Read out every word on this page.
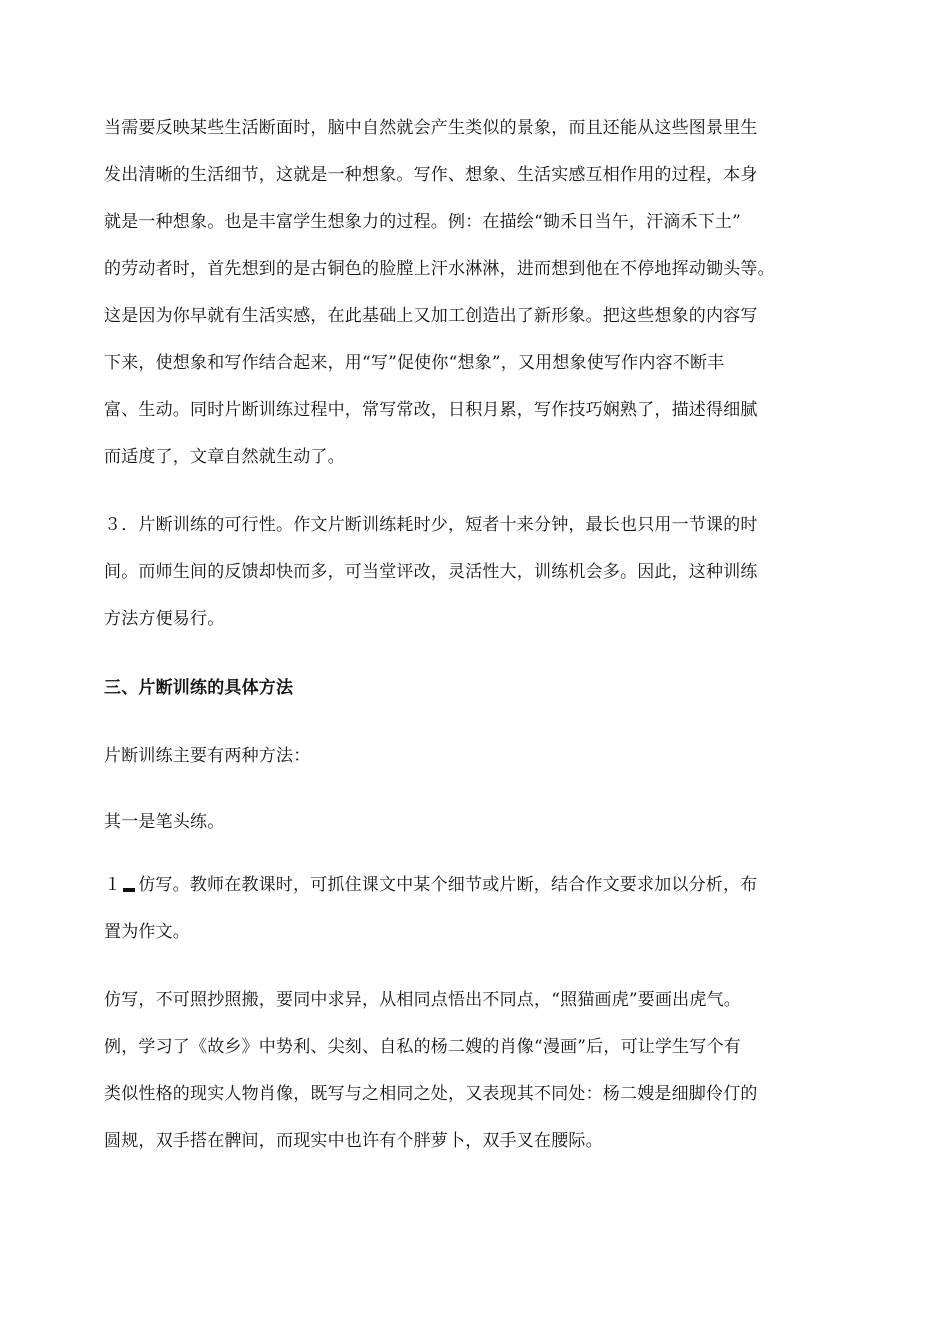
当需要反映某些生活断面时，脑中自然就会产生类似的景象，而且还能从这些图景里生
发出清晰的生活细节，这就是一种想象。写作、想象、生活实感互相作用的过程，本身
就是一种想象。也是丰富学生想象力的过程。例：在描绘“锄禾日当午，汗滴禾下土”
的劳动者时，首先想到的是古铜色的脸膛上汗水淋淋，进而想到他在不停地挥动锄头等。
这是因为你早就有生活实感，在此基础上又加工创造出了新形象。把这些想象的内容写
下来，使想象和写作结合起来，用“写”促使你“想象”，又用想象使写作内容不断丰
富、生动。同时片断训练过程中，常写常改，日积月累，写作技巧娴熟了，描述得细腻
而适度了，文章自然就生动了。
３．片断训练的可行性。作文片断训练耗时少，短者十来分钟，最长也只用一节课的时
间。而师生间的反馈却快而多，可当堂评改，灵活性大，训练机会多。因此，这种训练
方法方便易行。
三、片断训练的具体方法
片断训练主要有两种方法：
其一是笔头练。
１ 仿写。教师在教课时，可抓住课文中某个细节或片断，结合作文要求加以分析，布
置为作文。
仿写，不可照抄照搬，要同中求异，从相同点悟出不同点，“照猫画虎”要画出虎气。
例，学习了《故乡》中势利、尖刻、自私的杨二嫂的肖像“漫画”后，可让学生写个有
类似性格的现实人物肖像，既写与之相同之处，又表现其不同处：杨二嫂是细脚伶仃的
圆规，双手搭在髀间，而现实中也许有个胖萝卜，双手叉在腰际。
